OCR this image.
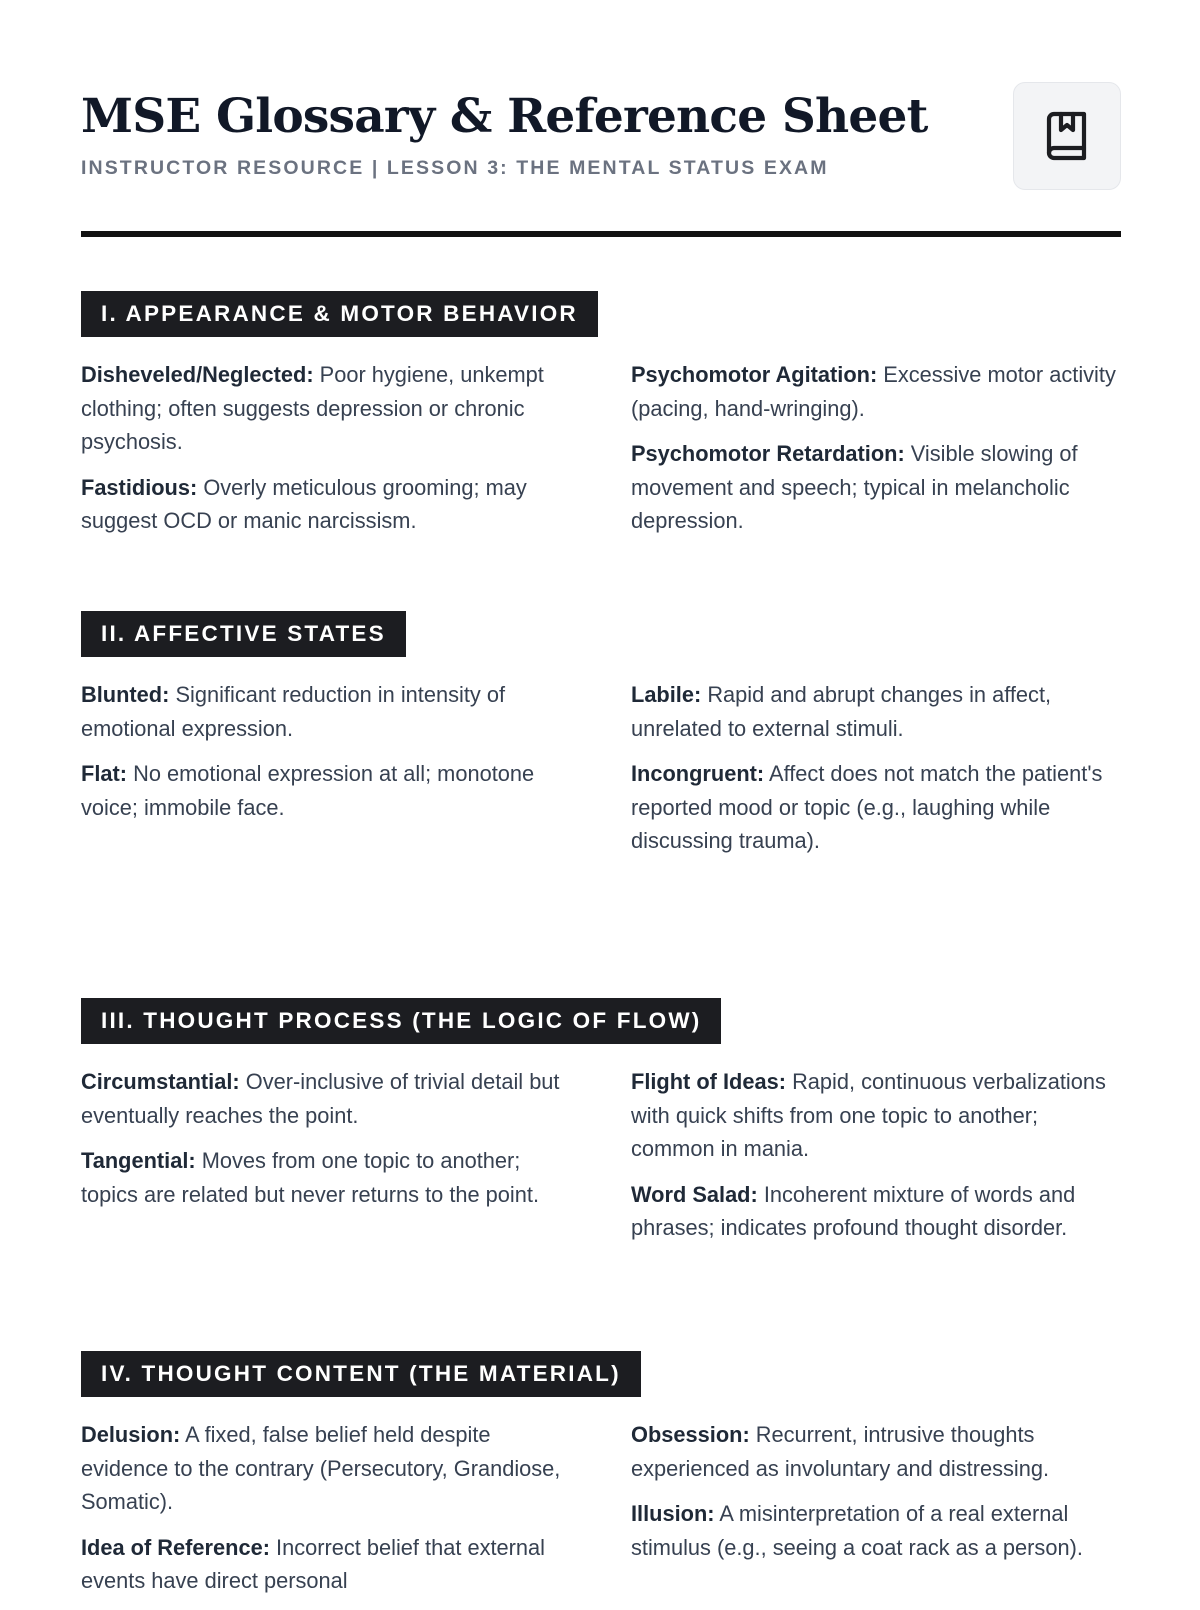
MSE Glossary & Reference Sheet
INSTRUCTOR RESOURCE | LESSON 3: THE MENTAL STATUS EXAM
I. APPEARANCE & MOTOR BEHAVIOR

Disheveled/Neglected: Poor hygiene, unkempt clothing; often suggests depression or chronic psychosis.

Fastidious: Overly meticulous grooming; may suggest OCD or manic narcissism.

Psychomotor Agitation: Excessive motor activity (pacing, hand-wringing).

Psychomotor Retardation: Visible slowing of movement and speech; typical in melancholic depression.

II. AFFECTIVE STATES

Blunted: Significant reduction in intensity of emotional expression.

Flat: No emotional expression at all; monotone voice; immobile face.

Labile: Rapid and abrupt changes in affect, unrelated to external stimuli.

Incongruent: Affect does not match the patient's reported mood or topic (e.g., laughing while discussing trauma).

III. THOUGHT PROCESS (THE LOGIC OF FLOW)

Circumstantial: Over-inclusive of trivial detail but eventually reaches the point.

Tangential: Moves from one topic to another; topics are related but never returns to the point.

Flight of Ideas: Rapid, continuous verbalizations with quick shifts from one topic to another; common in mania.

Word Salad: Incoherent mixture of words and phrases; indicates profound thought disorder.

IV. THOUGHT CONTENT (THE MATERIAL)

Delusion: A fixed, false belief held despite evidence to the contrary (Persecutory, Grandiose, Somatic).

Idea of Reference: Incorrect belief that external events have direct personal

Obsession: Recurrent, intrusive thoughts experienced as involuntary and distressing.

Illusion: A misinterpretation of a real external stimulus (e.g., seeing a coat rack as a person).
